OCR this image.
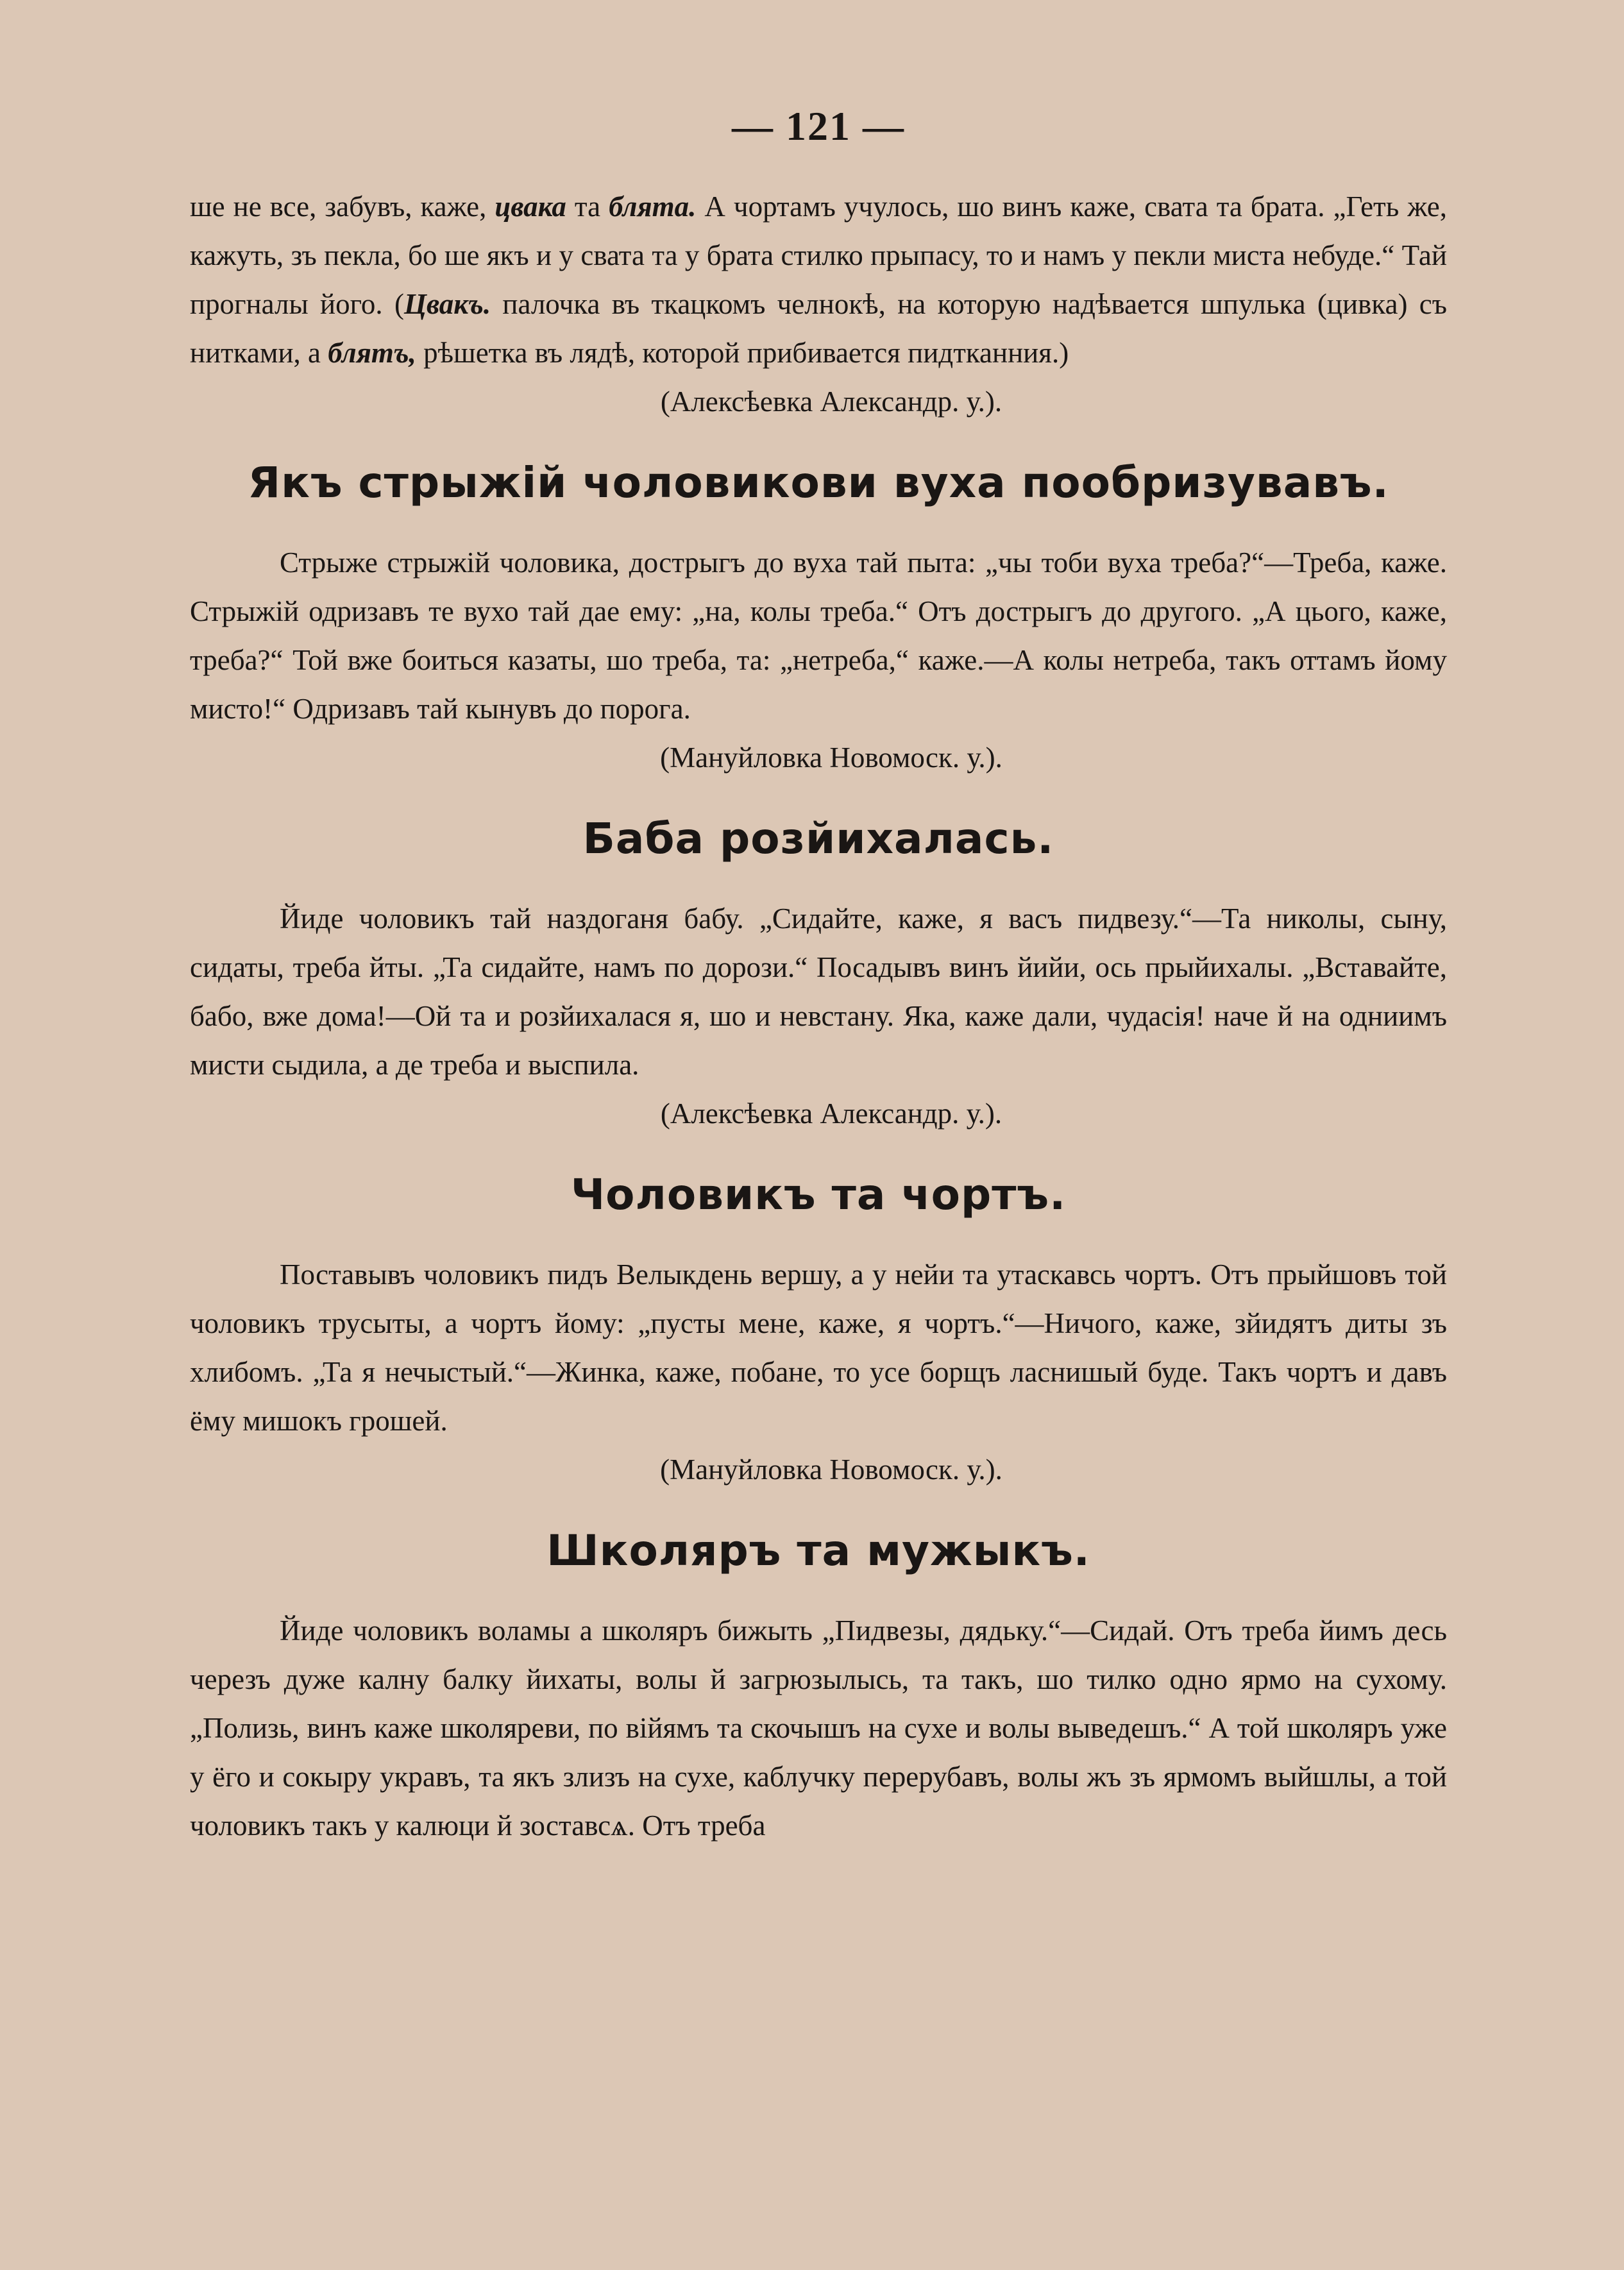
— 121 —

ше не все, забувъ, каже, цвака та блята. А чортамъ учулось, шо винъ каже, свата та брата. „Геть же, кажуть, зъ пекла, бо ше якъ и у свата та у брата стилко прыпасу, то и намъ у пекли миста небуде.“ Тай прогналы його. (Цвакъ. палочка въ ткацкомъ челнокѣ, на которую надѣвается шпулька (цивка) съ нитками, а блятъ, рѣшетка въ лядѣ, которой прибивается пидтканния.)

(Алексѣевка Александр. у.).

Якъ стрыжій чоловикови вуха пообризувавъ.

Стрыже стрыжій чоловика, дострыгъ до вуха тай пыта: „чы тоби вуха треба?“—Треба, каже. Стрыжій одризавъ те вухо тай дае ему: „на, колы треба.“ Отъ дострыгъ до другого. „А цього, каже, треба?“ Той вже боиться казаты, шо треба, та: „нетреба,“ каже.—А колы нетреба, такъ оттамъ йому мисто!“ Одризавъ тай кынувъ до порога.

(Мануйловка Новомоск. у.).

Баба розйихалась.

Йиде чоловикъ тай наздоганя бабу. „Сидайте, каже, я васъ пидвезу.“—Та николы, сыну, сидаты, треба йты. „Та сидайте, намъ по дорози.“ Посадывъ винъ йийи, ось прыйихалы. „Вставайте, бабо, вже дома!—Ой та и розйихалася я, шо и невстану. Яка, каже дали, чудасія! наче й на одниимъ мисти сыдила, а де треба и выспила.

(Алексѣевка Александр. у.).

Чоловикъ та чортъ.

Поставывъ чоловикъ пидъ Велыкдень вершу, а у нейи та утаскавсь чортъ. Отъ прыйшовъ той чоловикъ трусыты, а чортъ йому: „пусты мене, каже, я чортъ.“—Ничого, каже, зйидятъ диты зъ хлибомъ. „Та я нечыстый.“—Жинка, каже, побане, то усе борщъ ласнишый буде. Такъ чортъ и давъ ёму мишокъ грошей.

(Мануйловка Новомоск. у.).

Школяръ та мужыкъ.

Йиде чоловикъ воламы а школяръ бижыть „Пидвезы, дядьку.“—Сидай. Отъ треба йимъ десь черезъ дуже калну балку йихаты, волы й загрюзылысь, та такъ, шо тилко одно ярмо на сухому. „Полизь, винъ каже школяреви, по війямъ та скочышъ на сухе и волы выведешъ.“ А той школяръ уже у ёго и сокыру укравъ, та якъ злизъ на сухе, каблучку перерубавъ, волы жъ зъ ярмомъ выйшлы, а той чоловикъ такъ у калюци й зоставсѧ. Отъ треба
